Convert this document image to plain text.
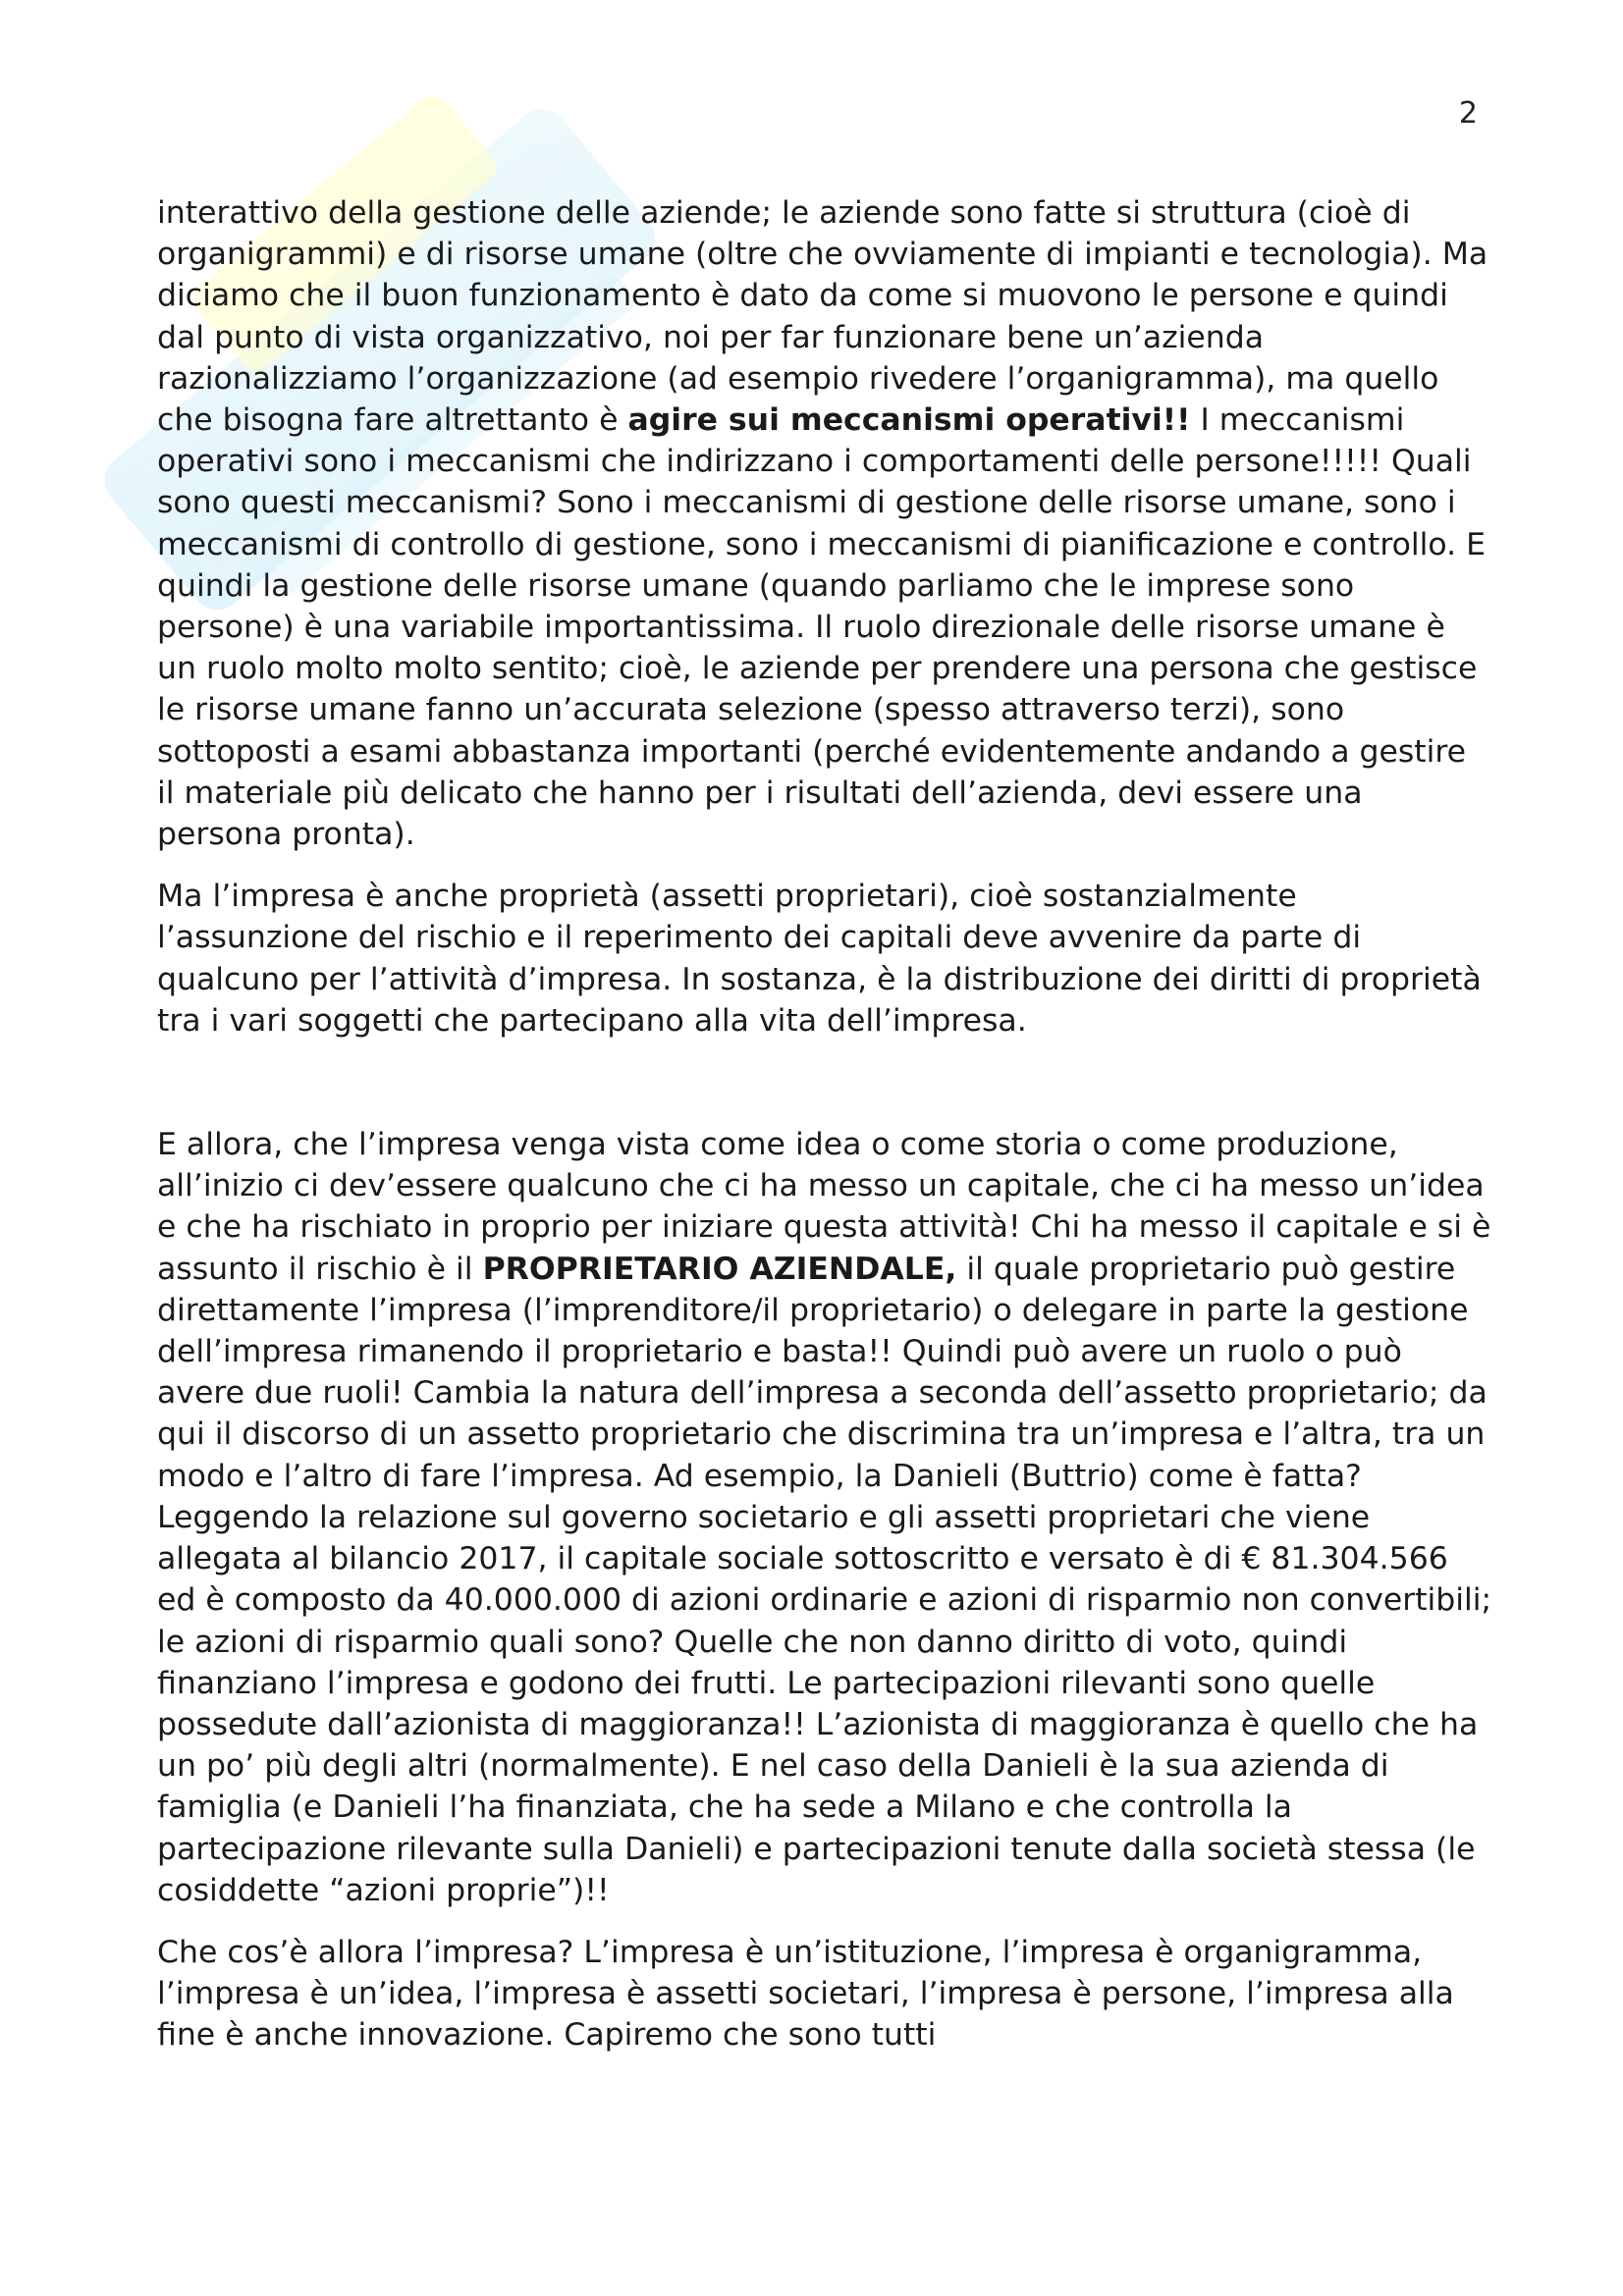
2

interattivo della gestione delle aziende; le aziende sono fatte si struttura (cioè di organigrammi) e di risorse umane (oltre che ovviamente di impianti e tecnologia). Ma diciamo che il buon funzionamento è dato da come si muovono le persone e quindi dal punto di vista organizzativo, noi per far funzionare bene un’azienda razionalizziamo l’organizzazione (ad esempio rivedere l’organigramma), ma quello che bisogna fare altrettanto è agire sui meccanismi operativi!! I meccanismi operativi sono i meccanismi che indirizzano i comportamenti delle persone!!!!! Quali sono questi meccanismi? Sono i meccanismi di gestione delle risorse umane, sono i meccanismi di controllo di gestione, sono i meccanismi di pianificazione e controllo. E quindi la gestione delle risorse umane (quando parliamo che le imprese sono persone) è una variabile importantissima. Il ruolo direzionale delle risorse umane è un ruolo molto molto sentito; cioè, le aziende per prendere una persona che gestisce le risorse umane fanno un’accurata selezione (spesso attraverso terzi), sono sottoposti a esami abbastanza importanti (perché evidentemente andando a gestire il materiale più delicato che hanno per i risultati dell’azienda, devi essere una persona pronta).

Ma l’impresa è anche proprietà (assetti proprietari), cioè sostanzialmente l’assunzione del rischio e il reperimento dei capitali deve avvenire da parte di qualcuno per l’attività d’impresa. In sostanza, è la distribuzione dei diritti di proprietà tra i vari soggetti che partecipano alla vita dell’impresa.

E allora, che l’impresa venga vista come idea o come storia o come produzione, all’inizio ci dev’essere qualcuno che ci ha messo un capitale, che ci ha messo un’idea e che ha rischiato in proprio per iniziare questa attività! Chi ha messo il capitale e si è assunto il rischio è il PROPRIETARIO AZIENDALE, il quale proprietario può gestire direttamente l’impresa (l’imprenditore/il proprietario) o delegare in parte la gestione dell’impresa rimanendo il proprietario e basta!! Quindi può avere un ruolo o può avere due ruoli! Cambia la natura dell’impresa a seconda dell’assetto proprietario; da qui il discorso di un assetto proprietario che discrimina tra un’impresa e l’altra, tra un modo e l’altro di fare l’impresa. Ad esempio, la Danieli (Buttrio) come è fatta? Leggendo la relazione sul governo societario e gli assetti proprietari che viene allegata al bilancio 2017, il capitale sociale sottoscritto e versato è di € 81.304.566 ed è composto da 40.000.000 di azioni ordinarie e azioni di risparmio non convertibili; le azioni di risparmio quali sono? Quelle che non danno diritto di voto, quindi finanziano l’impresa e godono dei frutti. Le partecipazioni rilevanti sono quelle possedute dall’azionista di maggioranza!! L’azionista di maggioranza è quello che ha un po’ più degli altri (normalmente). E nel caso della Danieli è la sua azienda di famiglia (e Danieli l’ha finanziata, che ha sede a Milano e che controlla la partecipazione rilevante sulla Danieli) e partecipazioni tenute dalla società stessa (le cosiddette “azioni proprie”)!!

Che cos’è allora l’impresa? L’impresa è un’istituzione, l’impresa è organigramma, l’impresa è un’idea, l’impresa è assetti societari, l’impresa è persone, l’impresa alla fine è anche innovazione. Capiremo che sono tutti
